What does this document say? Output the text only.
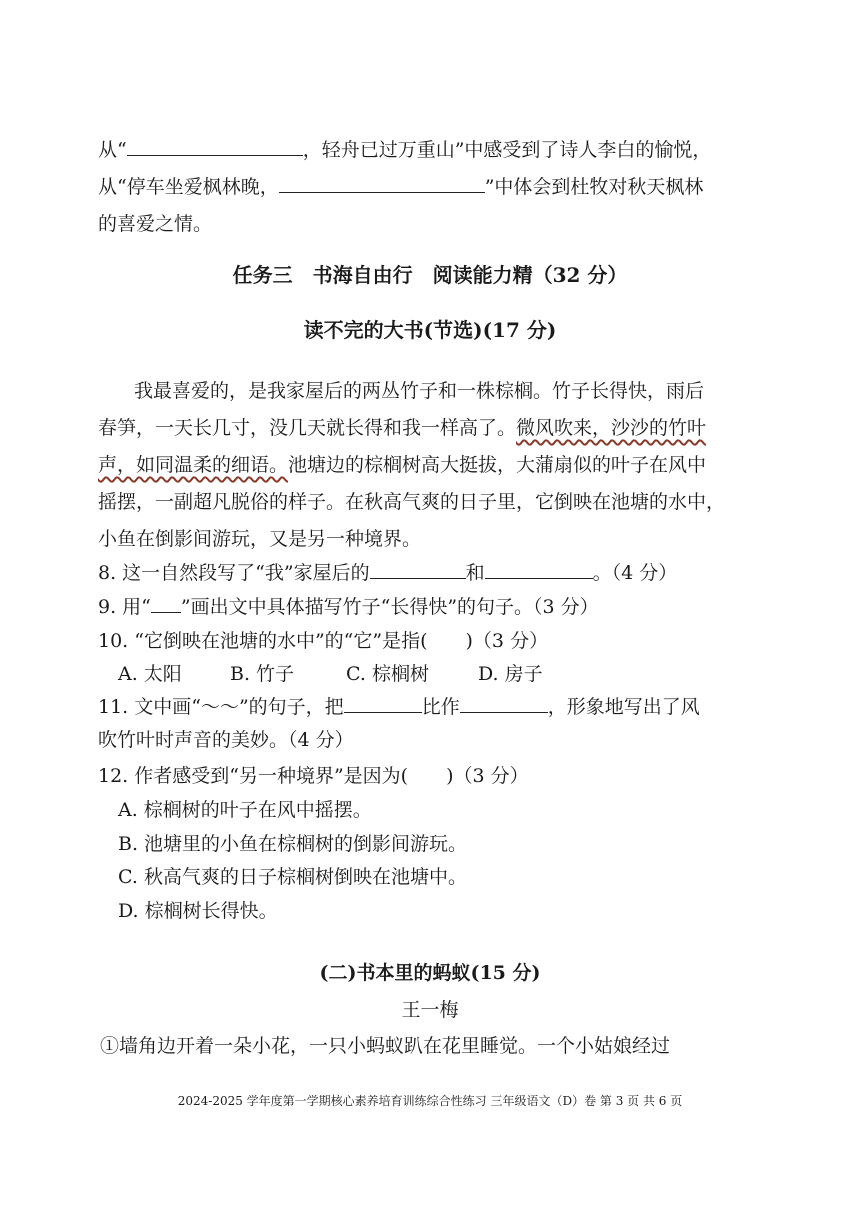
从“	，轻舟已过万重山”中感受到了诗人李白的愉悦，
从“停车坐爱枫林晚，	”中体会到杜牧对秋天枫林
的喜爱之情。
任务三　书海自由行　阅读能力精（32 分）
读不完的大书(节选)(17 分)
我最喜爱的，是我家屋后的两丛竹子和一株棕榈。竹子长得快，雨后
春笋，一天长几寸，没几天就长得和我一样高了。微风吹来，沙沙的竹叶
声，如同温柔的细语。池塘边的棕榈树高大挺拔，大蒲扇似的叶子在风中
摇摆，一副超凡脱俗的样子。在秋高气爽的日子里，它倒映在池塘的水中，
小鱼在倒影间游玩，又是另一种境界。
8. 这一自然段写了“我”家屋后的	和	。（4 分）
9. 用“ ”画出文中具体描写竹子“长得快”的句子。（3 分）
10. “它倒映在池塘的水中”的“它”是指(　　)（3 分）
A. 太阳	B. 竹子	C. 棕榈树	D. 房子
11. 文中画“～～”的句子，把	比作	，形象地写出了风
吹竹叶时声音的美妙。（4 分）
12. 作者感受到“另一种境界”是因为(　　)（3 分）
A. 棕榈树的叶子在风中摇摆。
B. 池塘里的小鱼在棕榈树的倒影间游玩。
C. 秋高气爽的日子棕榈树倒映在池塘中。
D. 棕榈树长得快。
(二)书本里的蚂蚁(15 分)
王一梅
①墙角边开着一朵小花，一只小蚂蚁趴在花里睡觉。一个小姑娘经过
2024-2025 学年度第一学期核心素养培育训练综合性练习 三年级语文（D）卷 第 3 页 共 6 页
